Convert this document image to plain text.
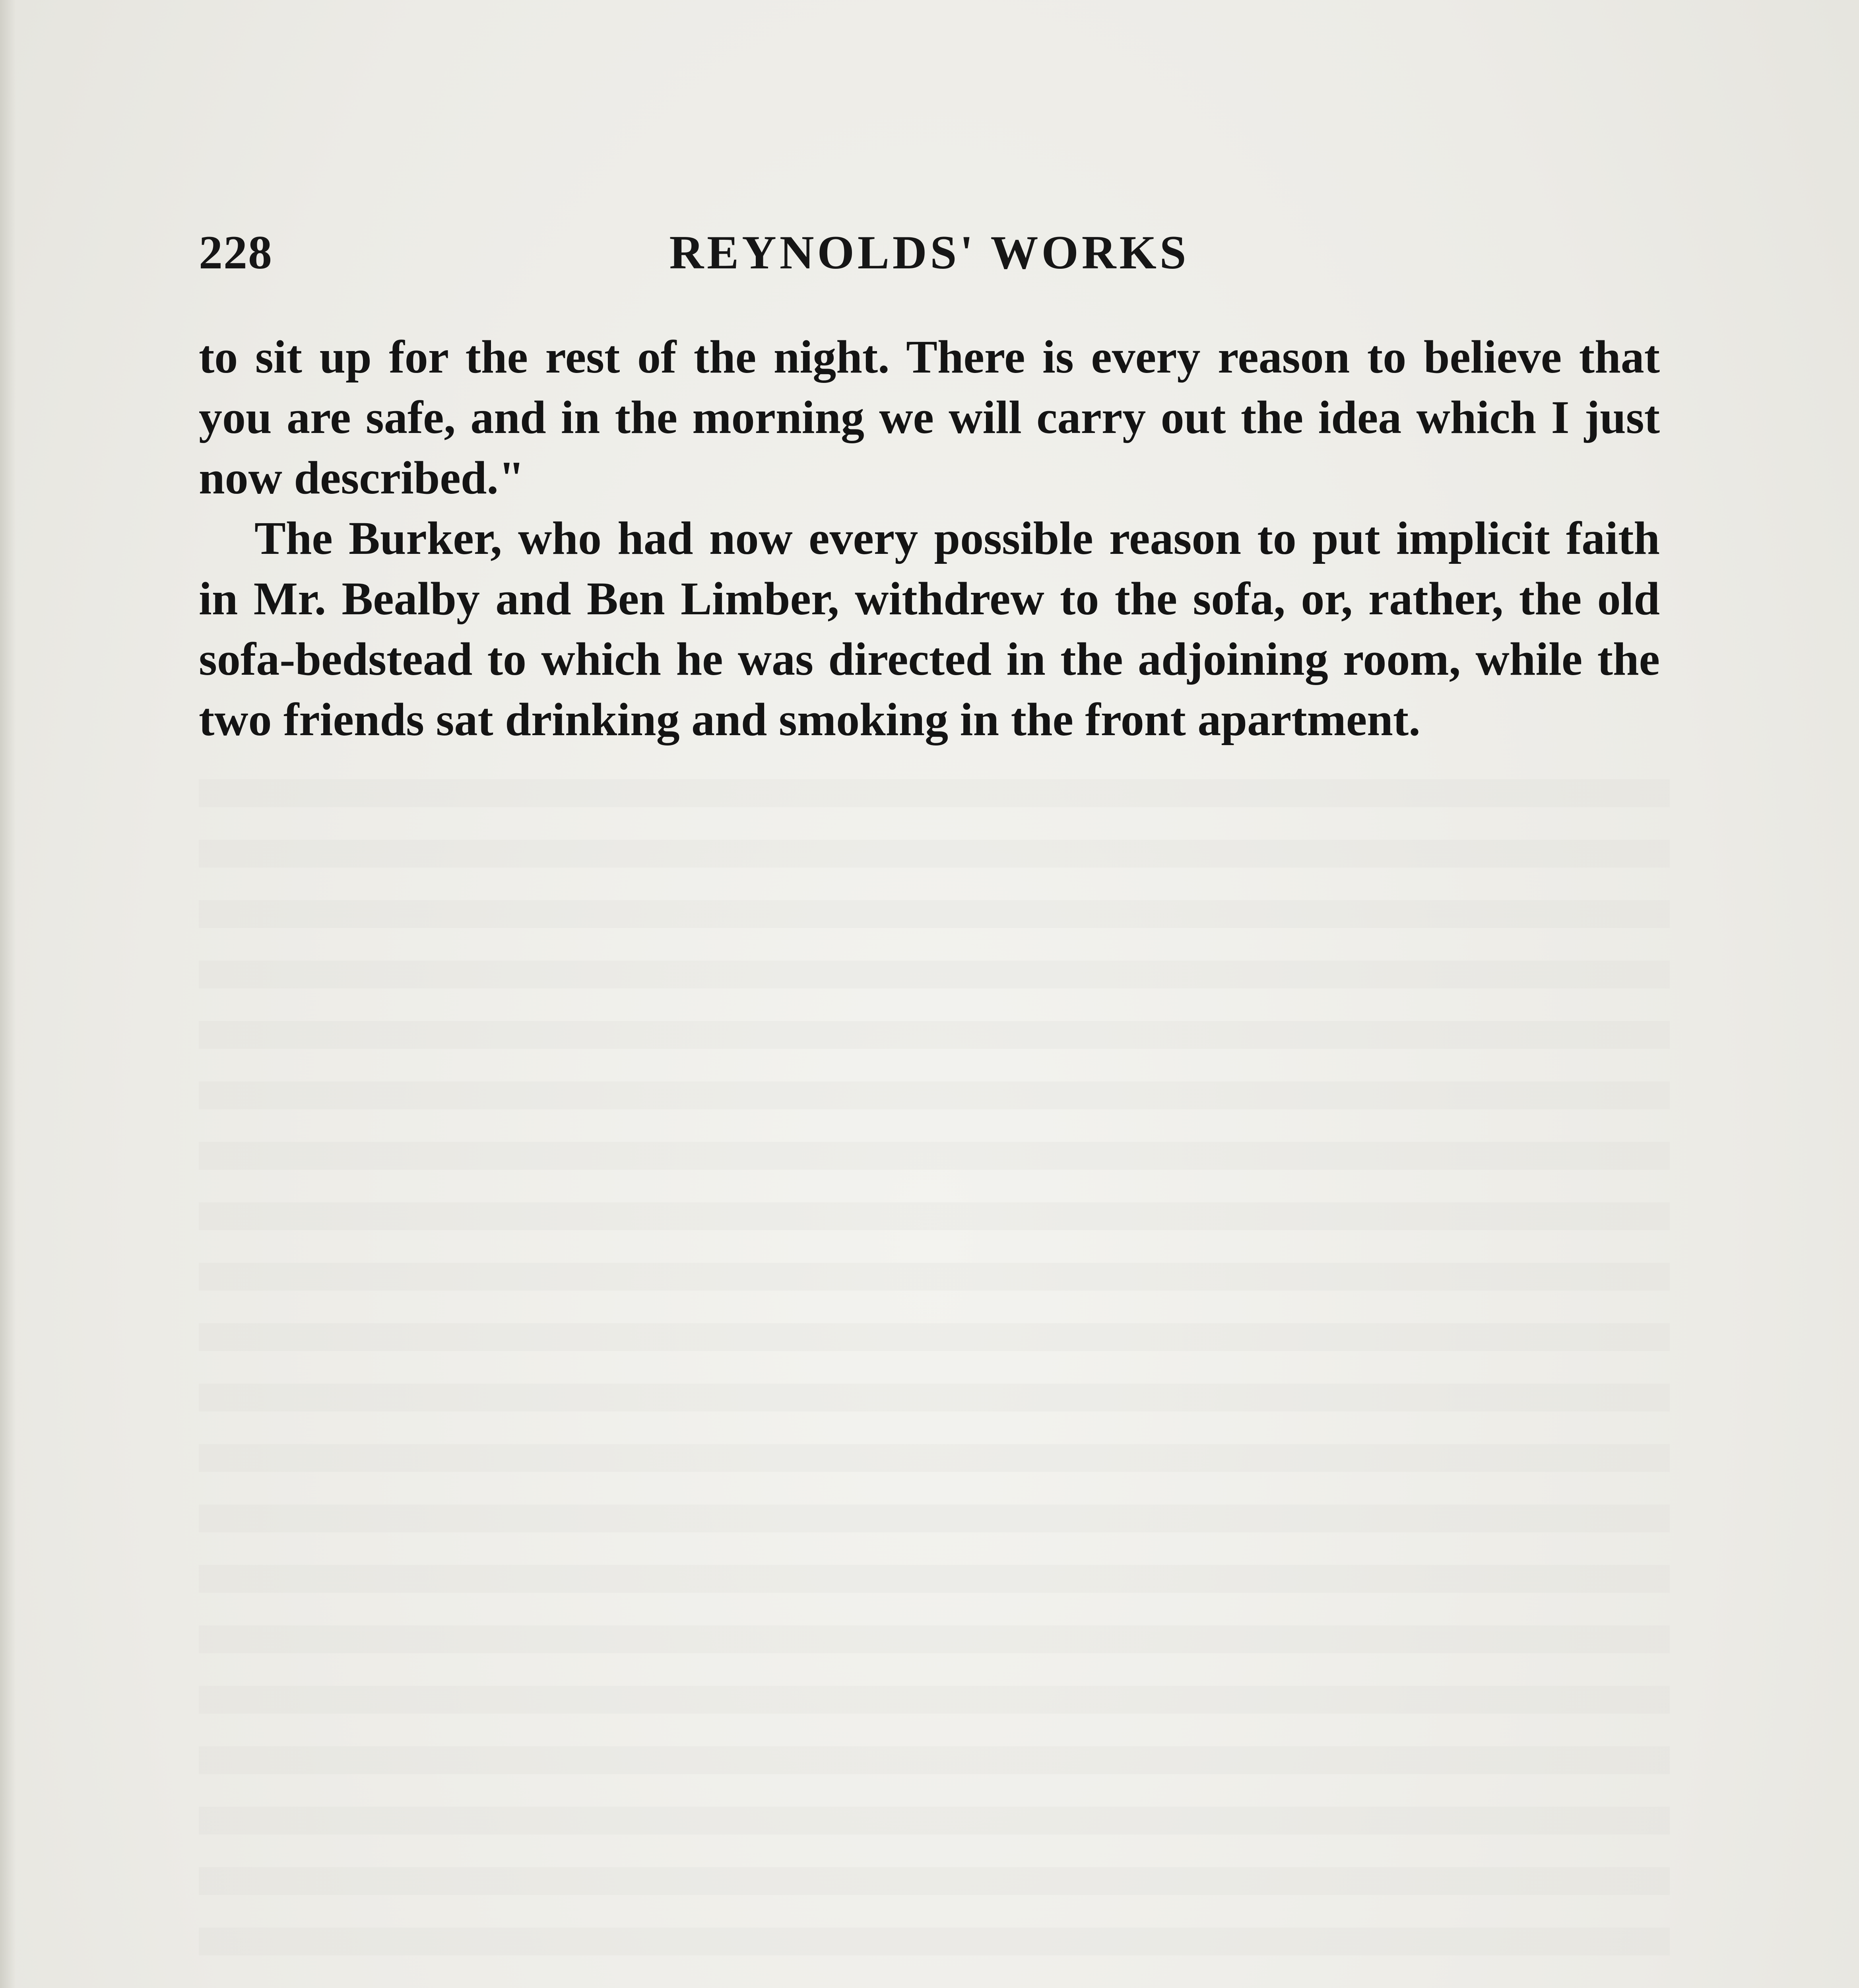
228	REYNOLDS' WORKS

to sit up for the rest of the night. There is every reason to believe that you are safe, and in the morning we will carry out the idea which I just now described."

The Burker, who had now every possible reason to put implicit faith in Mr. Bealby and Ben Limber, withdrew to the sofa, or, rather, the old sofa-bedstead to which he was directed in the adjoining room, while the two friends sat drinking and smoking in the front apartment.
